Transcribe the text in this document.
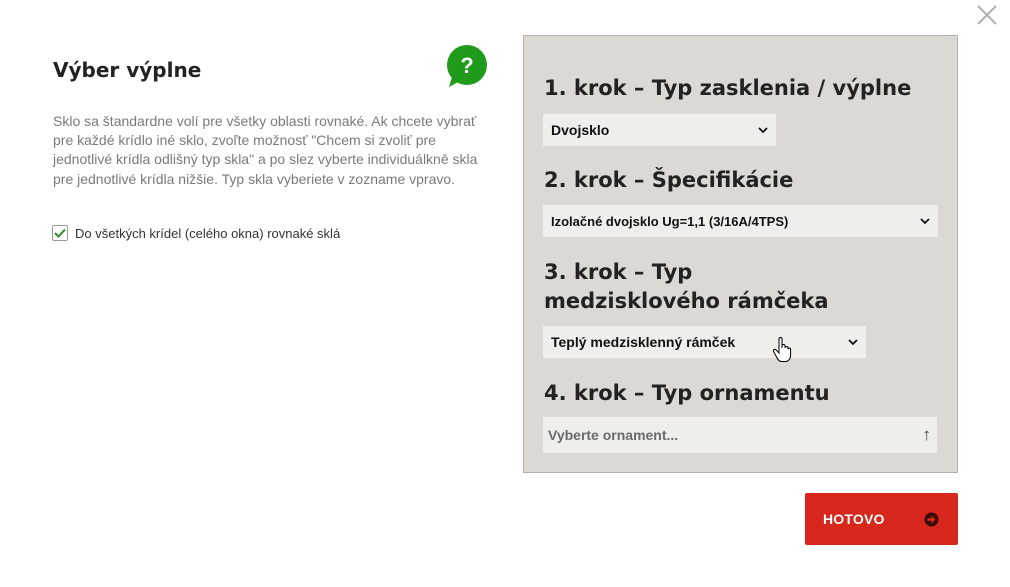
Výber výplne	?

Sklo sa štandardne volí pre všetky oblasti rovnaké. Ak chcete vybrať pre každé krídlo iné sklo, zvoľte možnosť "Chcem si zvoliť pre jednotlivé krídla odlišný typ skla" a po slez vyberte individuálknē skla pre jednotlivé krídla nižšie. Typ skla vyberiete v zozname vpravo.

Do všetkých krídel (celého okna) rovnaké sklá
1. krok – Typ zasklenia / výplne
Dvojsklo
2. krok – Špecifikácie
Izolačné dvojsklo Ug=1,1 (3/16A/4TPS)
3. krok – Typ medzisklového rámčeka
Teplý medzisklenný rámček
4. krok – Typ ornamentu
Vyberte ornament...	↑
HOTOVO
